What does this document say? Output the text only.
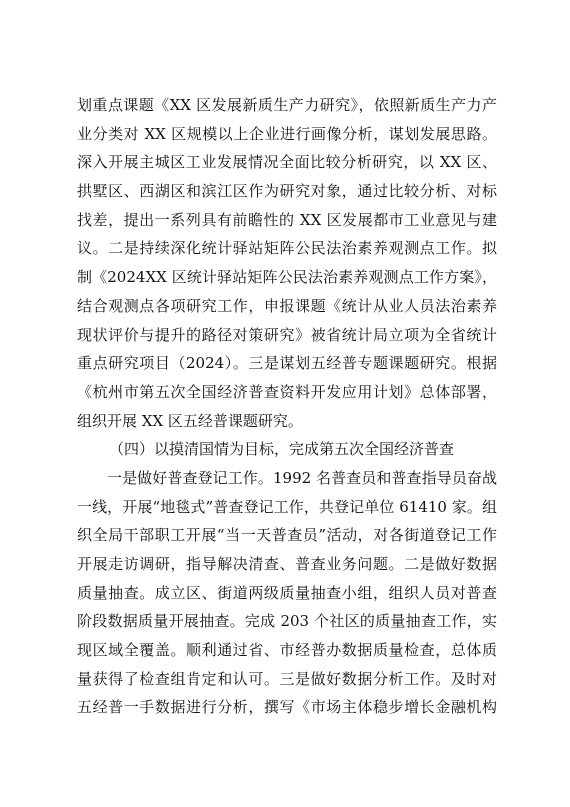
划重点课题《XX 区发展新质生产力研究》，依照新质生产力产
业分类对 XX 区规模以上企业进行画像分析，谋划发展思路。
深入开展主城区工业发展情况全面比较分析研究，以 XX 区、
拱墅区、西湖区和滨江区作为研究对象，通过比较分析、对标
找差，提出一系列具有前瞻性的 XX 区发展都市工业意见与建
议。二是持续深化统计驿站矩阵公民法治素养观测点工作。拟
制《2024XX 区统计驿站矩阵公民法治素养观测点工作方案》，
结合观测点各项研究工作，申报课题《统计从业人员法治素养
现状评价与提升的路径对策研究》被省统计局立项为全省统计
重点研究项目（2024）。三是谋划五经普专题课题研究。根据
《杭州市第五次全国经济普查资料开发应用计划》总体部署，
组织开展 XX 区五经普课题研究。
（四）以摸清国情为目标，完成第五次全国经济普查
一是做好普查登记工作。1992 名普查员和普查指导员奋战
一线，开展“地毯式”普查登记工作，共登记单位 61410 家。组
织全局干部职工开展“当一天普查员”活动，对各街道登记工作
开展走访调研，指导解决清查、普查业务问题。二是做好数据
质量抽查。成立区、街道两级质量抽查小组，组织人员对普查
阶段数据质量开展抽查。完成 203 个社区的质量抽查工作，实
现区域全覆盖。顺利通过省、市经普办数据质量检查，总体质
量获得了检查组肯定和认可。三是做好数据分析工作。及时对
五经普一手数据进行分析，撰写《市场主体稳步增长金融机构
